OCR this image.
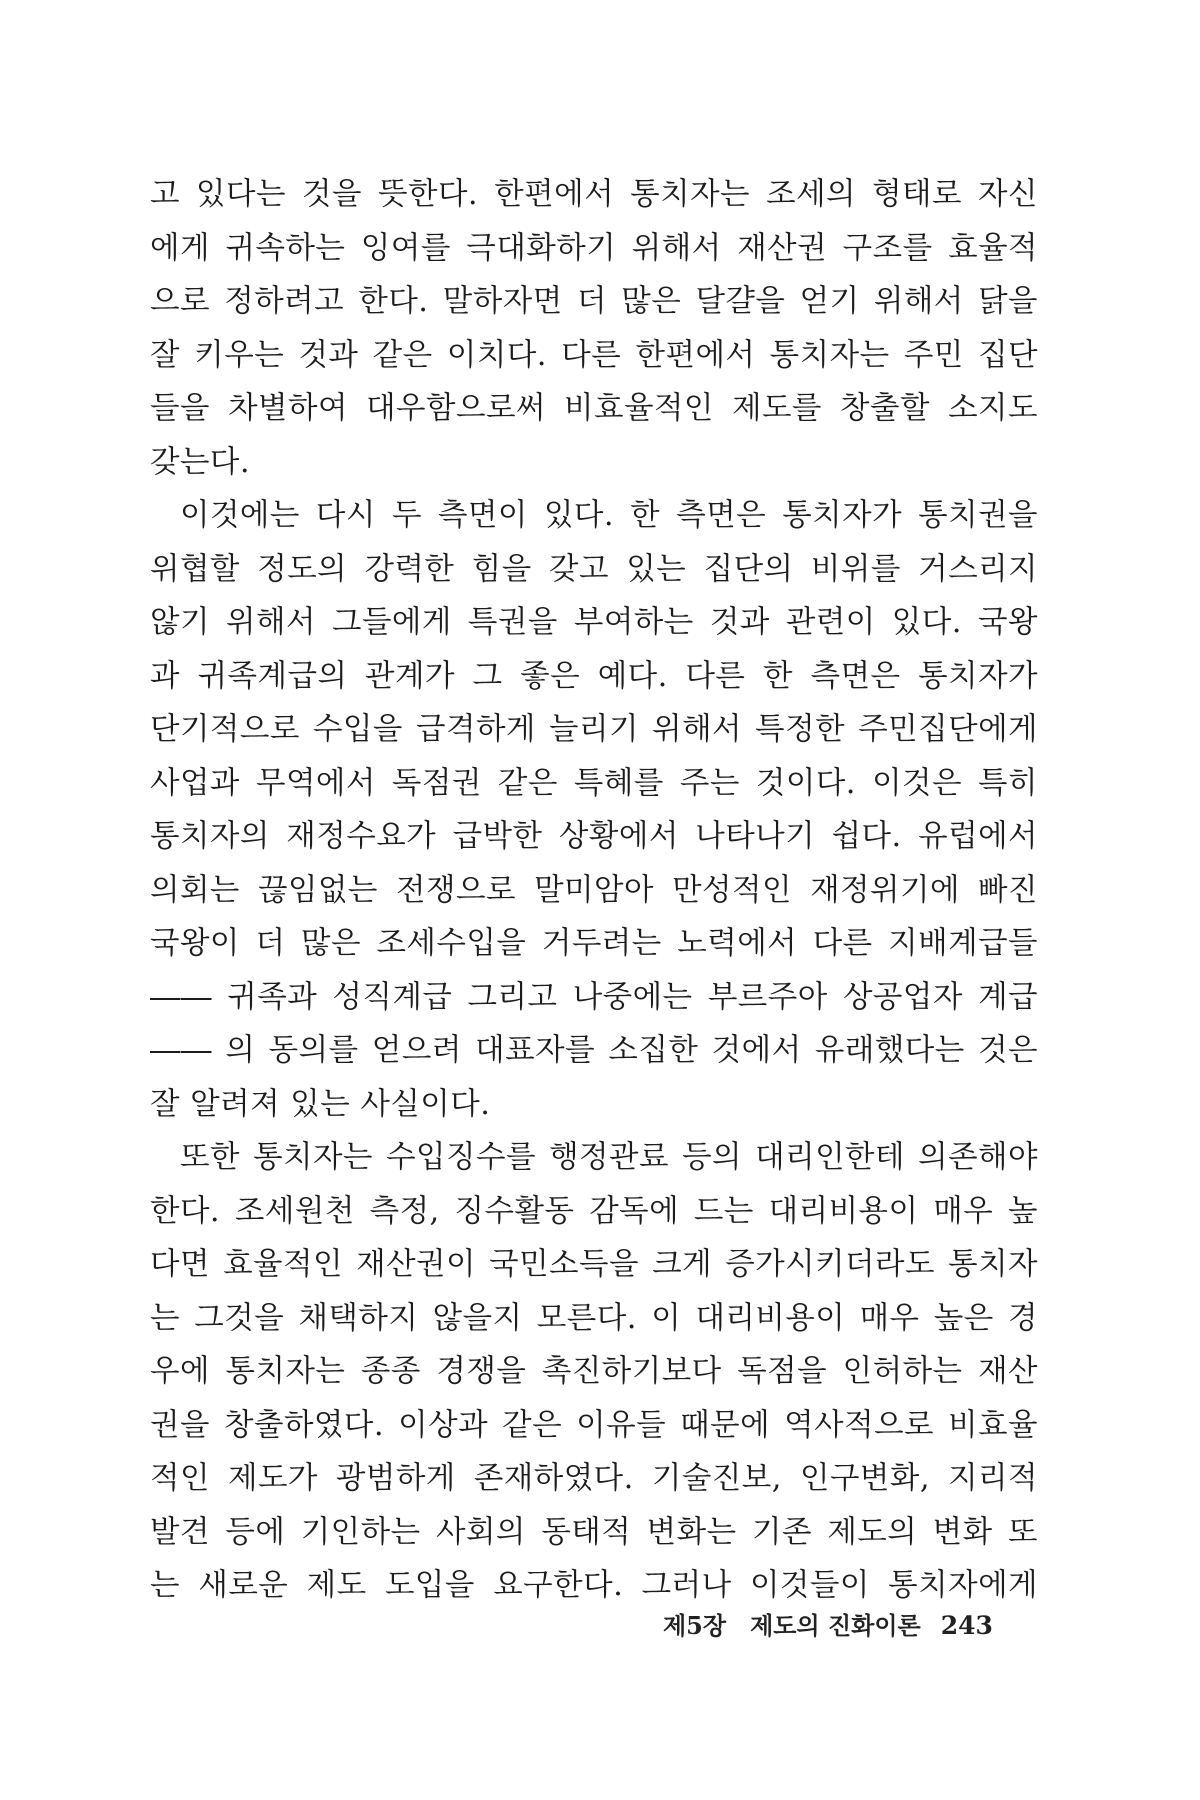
고 있다는 것을 뜻한다. 한편에서 통치자는 조세의 형태로 자신
에게 귀속하는 잉여를 극대화하기 위해서 재산권 구조를 효율적
으로 정하려고 한다. 말하자면 더 많은 달걀을 얻기 위해서 닭을
잘 키우는 것과 같은 이치다. 다른 한편에서 통치자는 주민 집단
들을 차별하여 대우함으로써 비효율적인 제도를 창출할 소지도
갖는다.
이것에는 다시 두 측면이 있다. 한 측면은 통치자가 통치권을
위협할 정도의 강력한 힘을 갖고 있는 집단의 비위를 거스리지
않기 위해서 그들에게 특권을 부여하는 것과 관련이 있다. 국왕
과 귀족계급의 관계가 그 좋은 예다. 다른 한 측면은 통치자가
단기적으로 수입을 급격하게 늘리기 위해서 특정한 주민집단에게
사업과 무역에서 독점권 같은 특혜를 주는 것이다. 이것은 특히
통치자의 재정수요가 급박한 상황에서 나타나기 쉽다. 유럽에서
의회는 끊임없는 전쟁으로 말미암아 만성적인 재정위기에 빠진
국왕이 더 많은 조세수입을 거두려는 노력에서 다른 지배계급들
―― 귀족과 성직계급 그리고 나중에는 부르주아 상공업자 계급
―― 의 동의를 얻으려 대표자를 소집한 것에서 유래했다는 것은
잘 알려져 있는 사실이다.
또한 통치자는 수입징수를 행정관료 등의 대리인한테 의존해야
한다. 조세원천 측정, 징수활동 감독에 드는 대리비용이 매우 높
다면 효율적인 재산권이 국민소득을 크게 증가시키더라도 통치자
는 그것을 채택하지 않을지 모른다. 이 대리비용이 매우 높은 경
우에 통치자는 종종 경쟁을 촉진하기보다 독점을 인허하는 재산
권을 창출하였다. 이상과 같은 이유들 때문에 역사적으로 비효율
적인 제도가 광범하게 존재하였다. 기술진보, 인구변화, 지리적
발견 등에 기인하는 사회의 동태적 변화는 기존 제도의 변화 또
는 새로운 제도 도입을 요구한다. 그러나 이것들이 통치자에게
제5장 제도의 진화이론 243
